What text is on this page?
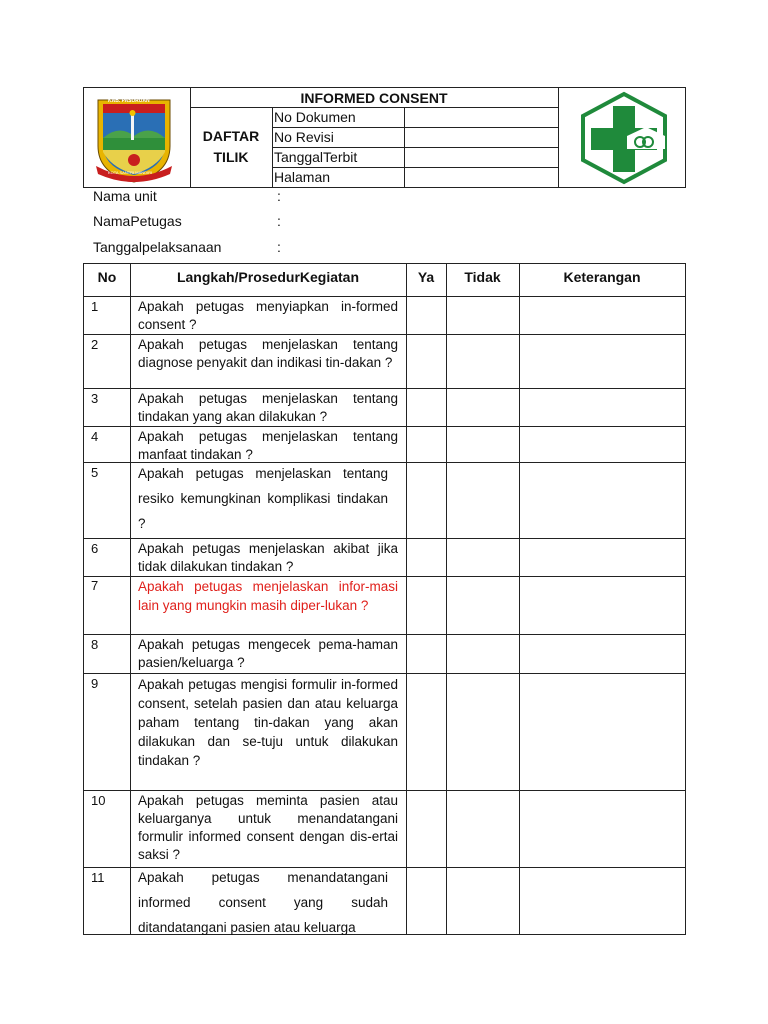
KAB. PASURUAN
KOTA SANTRI MANDIRI
INFORMED CONSENT
DAFTAR
TILIK
No Dokumen
No Revisi
TanggalTerbit
Halaman
Nama unit	:
NamaPetugas	:
Tanggalpelaksanaan	:
No	Langkah/ProsedurKegiatan	Ya	Tidak	Keterangan
1	Apakah petugas menyiapkan in-formed consent ?
2	Apakah petugas menjelaskan tentang diagnose penyakit dan indikasi tin-dakan ?
3	Apakah petugas menjelaskan tentang tindakan yang akan dilakukan ?
4	Apakah petugas menjelaskan tentang manfaat tindakan ?
5	Apakah petugas menjelaskan tentang resiko kemungkinan komplikasi tindakan ?
6	Apakah petugas menjelaskan akibat jika tidak dilakukan tindakan ?
7	Apakah petugas menjelaskan infor-masi lain yang mungkin masih diper-lukan ?
8	Apakah petugas mengecek pema-haman pasien/keluarga ?
9	Apakah petugas mengisi formulir in-formed consent, setelah pasien dan atau keluarga paham tentang tin-dakan yang akan dilakukan dan se-tuju untuk dilakukan tindakan ?
10 Apakah petugas meminta pasien atau keluarganya untuk menandatangani formulir informed consent dengan dis-ertai saksi ?
11 Apakah petugas menandatangani informed consent yang sudah ditandatangani pasien atau keluarga
